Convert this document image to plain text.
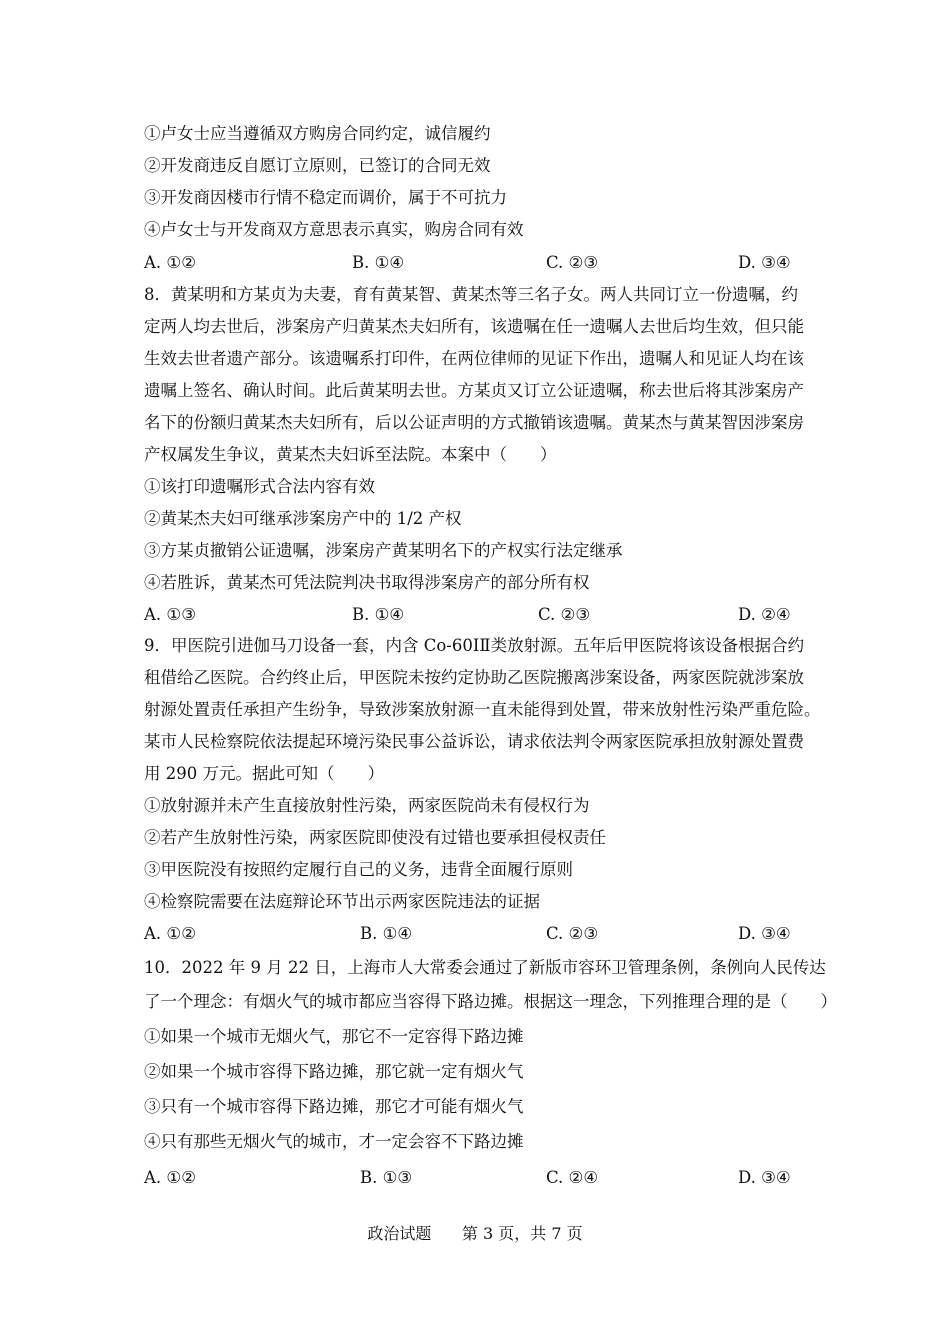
①卢女士应当遵循双方购房合同约定，诚信履约
②开发商违反自愿订立原则，已签订的合同无效
③开发商因楼市行情不稳定而调价，属于不可抗力
④卢女士与开发商双方意思表示真实，购房合同有效
A. ①②	B. ①④	C. ②③	D. ③④
8．黄某明和方某贞为夫妻，育有黄某智、黄某杰等三名子女。两人共同订立一份遗嘱，约
定两人均去世后，涉案房产归黄某杰夫妇所有，该遗嘱在任一遗嘱人去世后均生效，但只能
生效去世者遗产部分。该遗嘱系打印件，在两位律师的见证下作出，遗嘱人和见证人均在该
遗嘱上签名、确认时间。此后黄某明去世。方某贞又订立公证遗嘱，称去世后将其涉案房产
名下的份额归黄某杰夫妇所有，后以公证声明的方式撤销该遗嘱。黄某杰与黄某智因涉案房
产权属发生争议，黄某杰夫妇诉至法院。本案中（　　）
①该打印遗嘱形式合法内容有效
②黄某杰夫妇可继承涉案房产中的 1/2 产权
③方某贞撤销公证遗嘱，涉案房产黄某明名下的产权实行法定继承
④若胜诉，黄某杰可凭法院判决书取得涉案房产的部分所有权
A. ①③	B. ①④	C. ②③	D. ②④
9．甲医院引进伽马刀设备一套，内含 Co-60ⅠⅡ类放射源。五年后甲医院将该设备根据合约
租借给乙医院。合约终止后，甲医院未按约定协助乙医院搬离涉案设备，两家医院就涉案放
射源处置责任承担产生纷争，导致涉案放射源一直未能得到处置，带来放射性污染严重危险。
某市人民检察院依法提起环境污染民事公益诉讼，请求依法判令两家医院承担放射源处置费
用 290 万元。据此可知（　　）
①放射源并未产生直接放射性污染，两家医院尚未有侵权行为
②若产生放射性污染，两家医院即使没有过错也要承担侵权责任
③甲医院没有按照约定履行自己的义务，违背全面履行原则
④检察院需要在法庭辩论环节出示两家医院违法的证据
A. ①②	B. ①④	C. ②③	D. ③④
10．2022 年 9 月 22 日，上海市人大常委会通过了新版市容环卫管理条例，条例向人民传达
了一个理念：有烟火气的城市都应当容得下路边摊。根据这一理念，下列推理合理的是（　　）
①如果一个城市无烟火气，那它不一定容得下路边摊
②如果一个城市容得下路边摊，那它就一定有烟火气
③只有一个城市容得下路边摊，那它才可能有烟火气
④只有那些无烟火气的城市，才一定会容不下路边摊
A. ①②	B. ①③	C. ②④	D. ③④
政治试题 第 3 页，共 7 页
